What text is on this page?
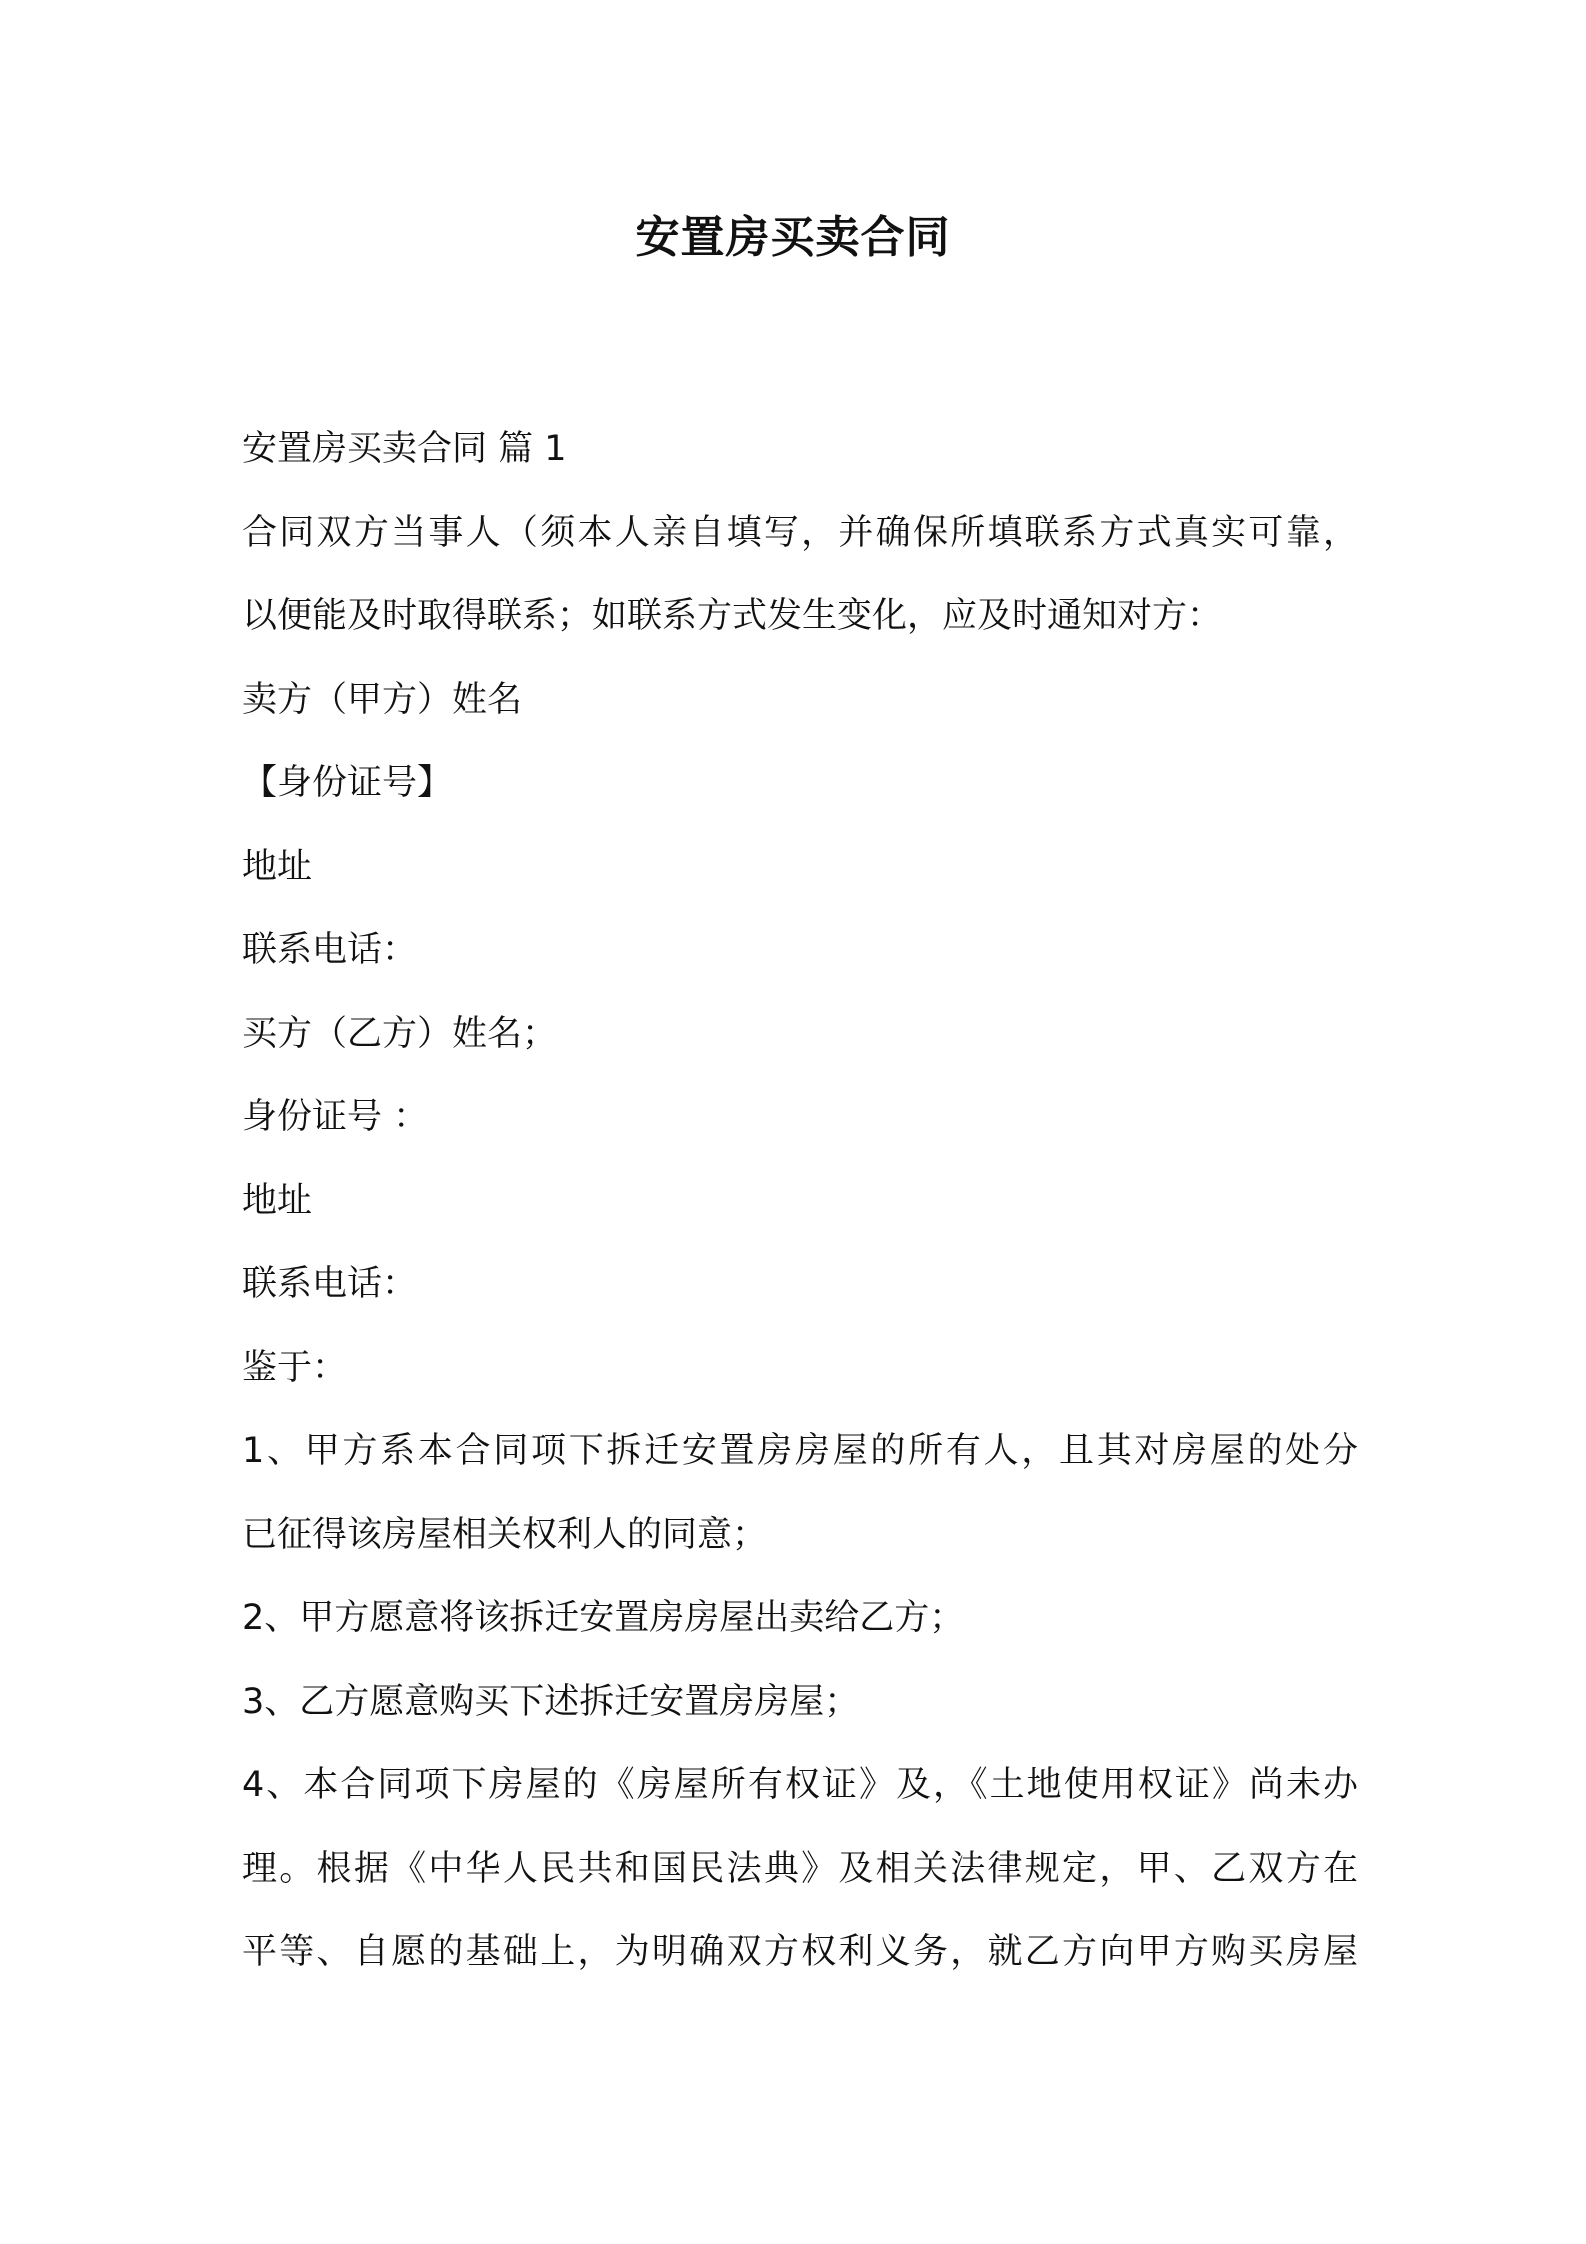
安置房买卖合同
安置房买卖合同 篇 1
合同双方当事人（须本人亲自填写，并确保所填联系方式真实可靠，
以便能及时取得联系；如联系方式发生变化，应及时通知对方：
卖方（甲方）姓名
【身份证号】
地址
联系电话：
买方（乙方）姓名；
身份证号 ：
地址
联系电话：
鉴于：
1、甲方系本合同项下拆迁安置房房屋的所有人，且其对房屋的处分
已征得该房屋相关权利人的同意；
2、甲方愿意将该拆迁安置房房屋出卖给乙方；
3、乙方愿意购买下述拆迁安置房房屋；
4、本合同项下房屋的《房屋所有权证》及，《土地使用权证》尚未办
理。根据《中华人民共和国民法典》及相关法律规定，甲、乙双方在
平等、自愿的基础上，为明确双方权利义务，就乙方向甲方购买房屋
